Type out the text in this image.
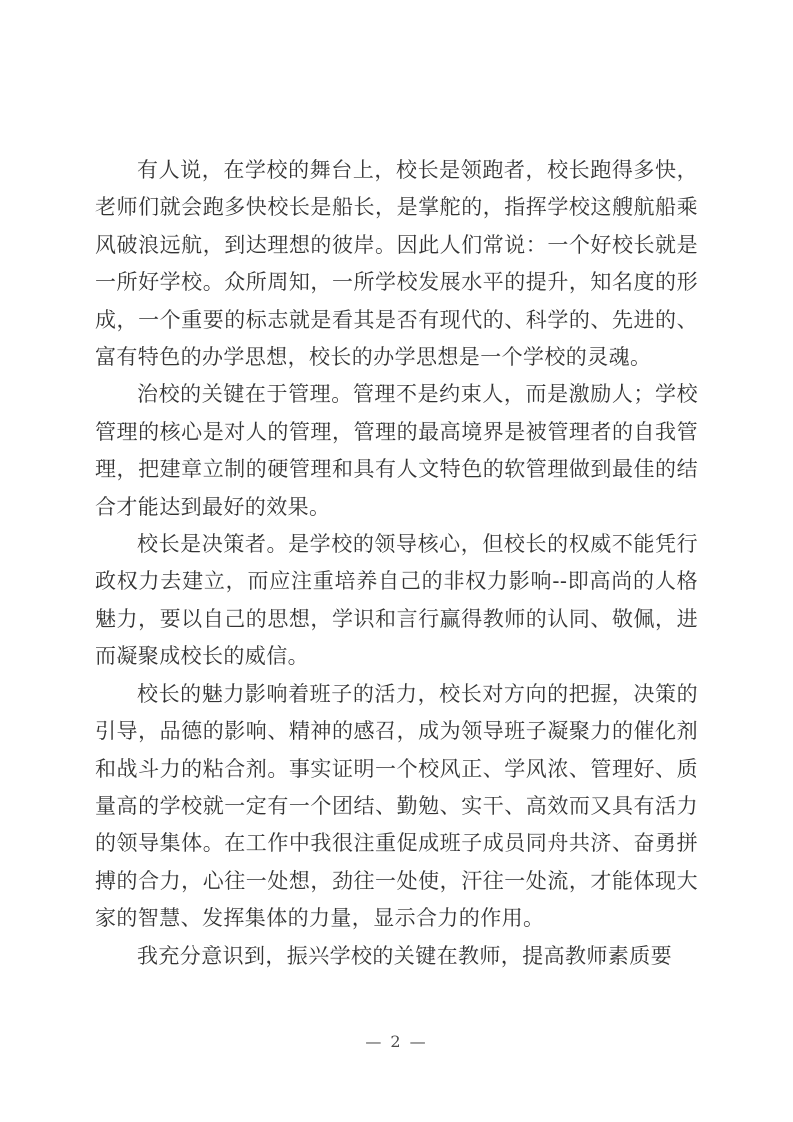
有人说，在学校的舞台上，校长是领跑者，校长跑得多快，老师们就会跑多快校长是船长，是掌舵的，指挥学校这艘航船乘风破浪远航，到达理想的彼岸。因此人们常说：一个好校长就是一所好学校。众所周知，一所学校发展水平的提升，知名度的形成，一个重要的标志就是看其是否有现代的、科学的、先进的、富有特色的办学思想，校长的办学思想是一个学校的灵魂。

治校的关键在于管理。管理不是约束人，而是激励人；学校管理的核心是对人的管理，管理的最高境界是被管理者的自我管理，把建章立制的硬管理和具有人文特色的软管理做到最佳的结合才能达到最好的效果。

校长是决策者。是学校的领导核心，但校长的权威不能凭行政权力去建立，而应注重培养自己的非权力影响--即高尚的人格魅力，要以自己的思想，学识和言行赢得教师的认同、敬佩，进而凝聚成校长的威信。

校长的魅力影响着班子的活力，校长对方向的把握，决策的引导，品德的影响、精神的感召，成为领导班子凝聚力的催化剂和战斗力的粘合剂。事实证明一个校风正、学风浓、管理好、质量高的学校就一定有一个团结、勤勉、实干、高效而又具有活力的领导集体。在工作中我很注重促成班子成员同舟共济、奋勇拼搏的合力，心往一处想，劲往一处使，汗往一处流，才能体现大家的智慧、发挥集体的力量，显示合力的作用。

我充分意识到，振兴学校的关键在教师，提高教师素质要

— 2 —
